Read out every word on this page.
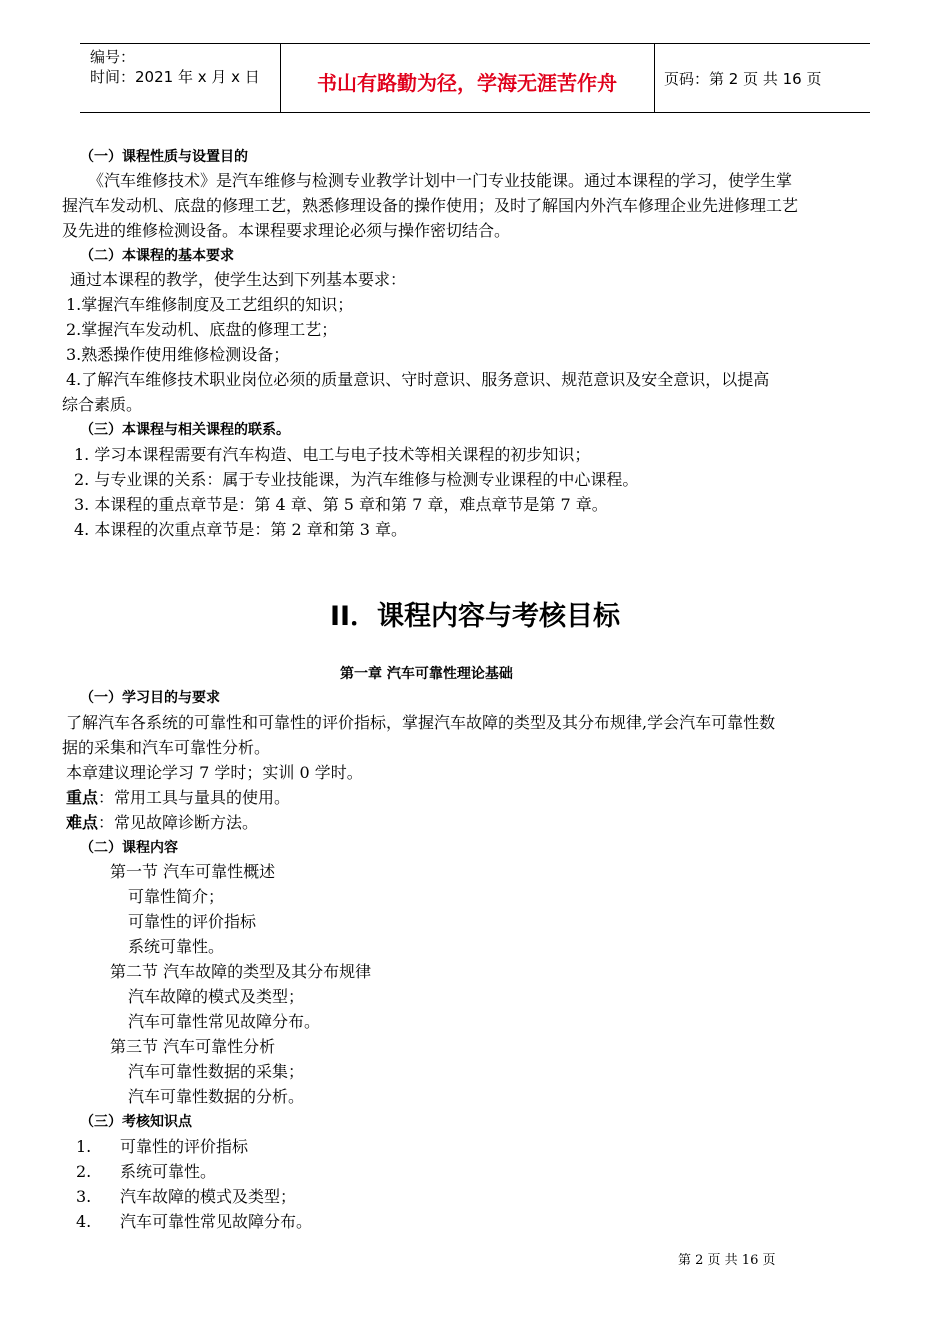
编号：
时间：2021 年 x 月 x 日	书山有路勤为径，学海无涯苦作舟	页码：第 2 页 共 16 页
（一）课程性质与设置目的
《汽车维修技术》是汽车维修与检测专业教学计划中一门专业技能课。通过本课程的学习，使学生掌
握汽车发动机、底盘的修理工艺，熟悉修理设备的操作使用；及时了解国内外汽车修理企业先进修理工艺
及先进的维修检测设备。本课程要求理论必须与操作密切结合。
（二）本课程的基本要求
通过本课程的教学，使学生达到下列基本要求：
1.掌握汽车维修制度及工艺组织的知识；
2.掌握汽车发动机、底盘的修理工艺；
3.熟悉操作使用维修检测设备；
4.了解汽车维修技术职业岗位必须的质量意识、守时意识、服务意识、规范意识及安全意识，以提高
综合素质。
（三）本课程与相关课程的联系。
1. 学习本课程需要有汽车构造、电工与电子技术等相关课程的初步知识；
2. 与专业课的关系：属于专业技能课，为汽车维修与检测专业课程的中心课程。
3. 本课程的重点章节是：第 4 章、第 5 章和第 7 章，难点章节是第 7 章。
4. 本课程的次重点章节是：第 2 章和第 3 章。
II．课程内容与考核目标
第一章 汽车可靠性理论基础
（一）学习目的与要求
了解汽车各系统的可靠性和可靠性的评价指标，掌握汽车故障的类型及其分布规律,学会汽车可靠性数
据的采集和汽车可靠性分析。
本章建议理论学习 7 学时；实训 0 学时。
重点：常用工具与量具的使用。
难点：常见故障诊断方法。
（二）课程内容
第一节 汽车可靠性概述
可靠性简介；
可靠性的评价指标
系统可靠性。
第二节 汽车故障的类型及其分布规律
汽车故障的模式及类型；
汽车可靠性常见故障分布。
第三节 汽车可靠性分析
汽车可靠性数据的采集；
汽车可靠性数据的分析。
（三）考核知识点
1. 可靠性的评价指标
2. 系统可靠性。
3. 汽车故障的模式及类型；
4. 汽车可靠性常见故障分布。
第 2 页 共 16 页
